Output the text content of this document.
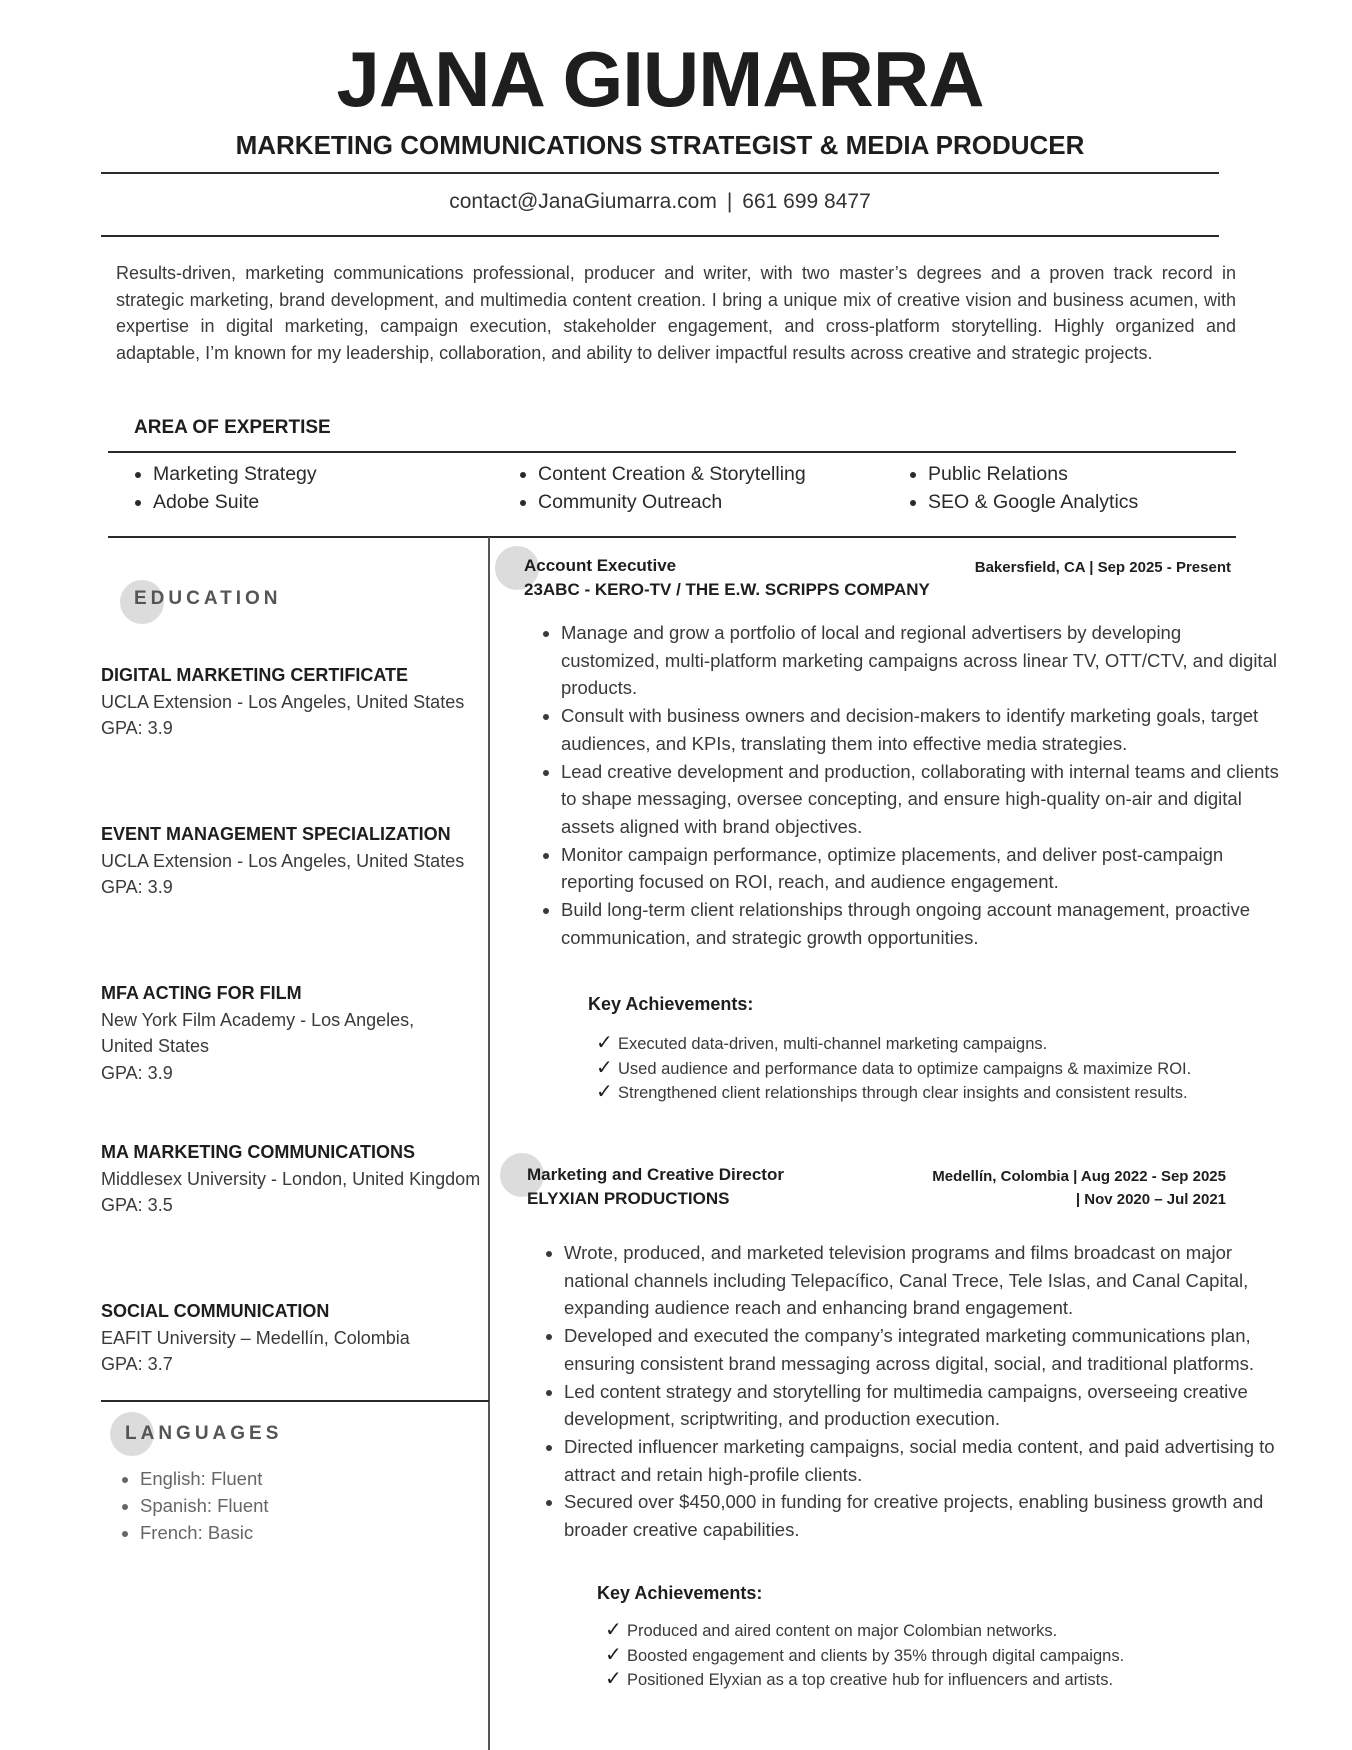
JANA GIUMARRA
MARKETING COMMUNICATIONS STRATEGIST & MEDIA PRODUCER
contact@JanaGiumarra.com | 661 699 8477
Results-driven, marketing communications professional, producer and writer, with two master’s degrees and a proven track record in strategic marketing, brand development, and multimedia content creation. I bring a unique mix of creative vision and business acumen, with expertise in digital marketing, campaign execution, stakeholder engagement, and cross-platform storytelling. Highly organized and adaptable, I’m known for my leadership, collaboration, and ability to deliver impactful results across creative and strategic projects.
AREA OF EXPERTISE
• Marketing Strategy
• Adobe Suite
• Content Creation & Storytelling
• Community Outreach
• Public Relations
• SEO & Google Analytics
EDUCATION
DIGITAL MARKETING CERTIFICATE
UCLA Extension - Los Angeles, United States
GPA: 3.9
EVENT MANAGEMENT SPECIALIZATION
UCLA Extension - Los Angeles, United States
GPA: 3.9
MFA ACTING FOR FILM
New York Film Academy - Los Angeles, United States
GPA: 3.9
MA MARKETING COMMUNICATIONS
Middlesex University - London, United Kingdom
GPA: 3.5
SOCIAL COMMUNICATION
EAFIT University – Medellín, Colombia
GPA: 3.7
LANGUAGES
• English: Fluent
• Spanish: Fluent
• French: Basic
Account Executive
23ABC - KERO-TV / THE E.W. SCRIPPS COMPANY
Bakersfield, CA | Sep 2025 - Present
• Manage and grow a portfolio of local and regional advertisers by developing customized, multi-platform marketing campaigns across linear TV, OTT/CTV, and digital products.
• Consult with business owners and decision-makers to identify marketing goals, target audiences, and KPIs, translating them into effective media strategies.
• Lead creative development and production, collaborating with internal teams and clients to shape messaging, oversee concepting, and ensure high-quality on-air and digital assets aligned with brand objectives.
• Monitor campaign performance, optimize placements, and deliver post-campaign reporting focused on ROI, reach, and audience engagement.
• Build long-term client relationships through ongoing account management, proactive communication, and strategic growth opportunities.
Key Achievements:
✓ Executed data-driven, multi-channel marketing campaigns.
✓ Used audience and performance data to optimize campaigns & maximize ROI.
✓ Strengthened client relationships through clear insights and consistent results.
Marketing and Creative Director
ELYXIAN PRODUCTIONS
Medellín, Colombia | Aug 2022 - Sep 2025
| Nov 2020 – Jul 2021
• Wrote, produced, and marketed television programs and films broadcast on major national channels including Telepacífico, Canal Trece, Tele Islas, and Canal Capital, expanding audience reach and enhancing brand engagement.
• Developed and executed the company’s integrated marketing communications plan, ensuring consistent brand messaging across digital, social, and traditional platforms.
• Led content strategy and storytelling for multimedia campaigns, overseeing creative development, scriptwriting, and production execution.
• Directed influencer marketing campaigns, social media content, and paid advertising to attract and retain high-profile clients.
• Secured over $450,000 in funding for creative projects, enabling business growth and broader creative capabilities.
Key Achievements:
✓ Produced and aired content on major Colombian networks.
✓ Boosted engagement and clients by 35% through digital campaigns.
✓ Positioned Elyxian as a top creative hub for influencers and artists.
